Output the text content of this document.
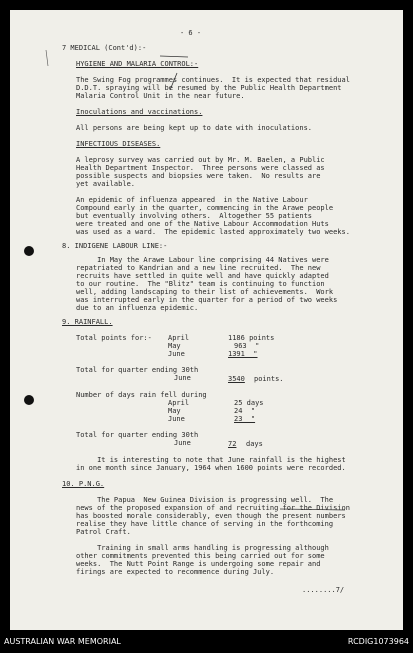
- 6 -
7 MEDICAL (Cont'd):-
HYGIENE AND MALARIA CONTROL:-
The Swing Fog programmes continues.  It is expected that residual
D.D.T. spraying will be resumed by the Public Health Department
Malaria Control Unit in the near future.
Inoculations and vaccinations.
All persons are being kept up to date with inoculations.
INFECTIOUS DISEASES.
A leprosy survey was carried out by Mr. M. Baelen, a Public
Health Department Inspector.  Three persons were classed as
possible suspects and biopsies were taken.  No results are
yet available.
An epidemic of influenza appeared  in the Native Labour
Compound early in the quarter, commencing in the Arawe people
but eventually involving others.  Altogether 55 patients
were treated and one of the Native Labour Accommodation Huts
was used as a ward.  The epidemic lasted approximately two weeks.
8. INDIGENE LABOUR LINE:-
In May the Arawe Labour line comprising 44 Natives were
repatriated to Kandrian and a new line recruited.  The new
recruits have settled in quite well and have quickly adapted
to our routine.  The "Blitz" team is continuing to function
well, adding landscaping to their list of achievements.  Work
was interrupted early in the quarter for a period of two weeks
due to an influenza epidemic.
9. RAINFALL.
Total points for:- April	1186 points
May	963  "
June	1391  "
Total for quarter ending 30th
June	3540 points.
Number of days rain fell during
April	25 days
May	24  "
June	23  "
Total for quarter ending 30th
June	72 days
It is interesting to note that June rainfall is the highest
in one month since January, 1964 when 1600 points were recorded.
10. P.N.G.
The Papua  New Guinea Division is progressing well.  The
news of the proposed expansion of and recruiting for the Division
has boosted morale considerably, even though the present numbers
realise they have little chance of serving in the forthcoming
Patrol Craft.
Training in small arms handling is progressing although
other commitments prevented this being carried out for some
weeks.  The Nutt Point Range is undergoing some repair and
firings are expected to recommence during July.
........7/
AUSTRALIAN WAR MEMORIAL	RCDIG1073964
